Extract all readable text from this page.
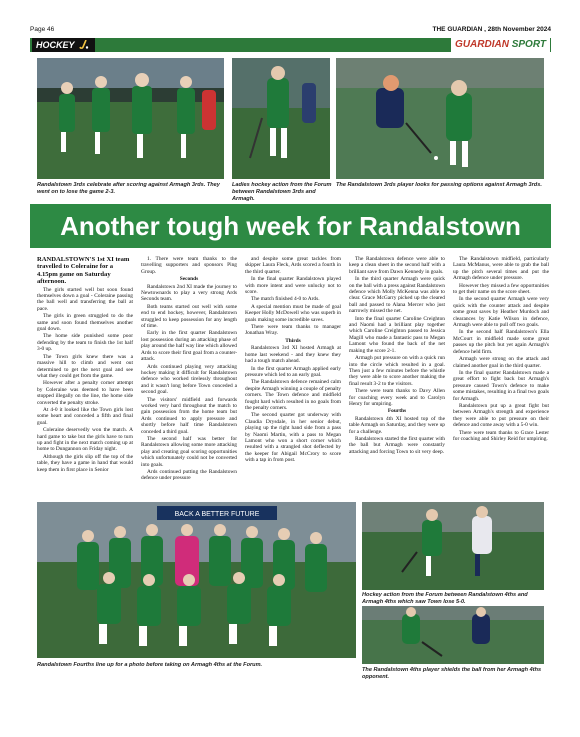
Page 46	THE GUARDIAN , 28th November 2024
HOCKEY	GUARDIAN SPORT
Randalstown 3rds celebrate after scoring against Armagh 3rds. They went on to lose the game 2-3.
Ladies hockey action from the Forum between Randalstown 3rds and Armagh.
The Randalstown 3rds player looks for passing options against Armagh 3rds.
Another tough week for Randalstown

RANDALSTOWN'S 1st XI team travelled to Coleraine for a 4.15pm game on Saturday afternoon.

The girls started well but soon found themselves down a goal - Coleraine passing the ball well and transferring the ball at pace.

The girls in green struggled to do the same and soon found themselves another goal down.

The home side punished some poor defending by the team to finish the 1st half 3-0 up.

The Town girls knew there was a massive hill to climb and went out determined to get the next goal and see what they could get from the game.

However after a penalty corner attempt by Coleraine was deemed to have been stopped illegally on the line, the home side converted the penalty stroke.

At 4-0 it looked like the Town girls lost some heart and conceded a fifth and final goal.

Coleraine deservedly won the match. A hard game to take but the girls have to turn up and fight in the next match coming up at home to Dungannon on Friday night.

Although the girls slip off the top of the table, they have a game in hand that would keep them in first place in Senior

1. There were team thanks to the travelling supporters and sponsors Ping Group.

Seconds

Randalstown 2nd XI made the journey to Newtownards to play a very strong Ards Seconds team.

Both teams started out well with some end to end hockey, however, Randalstown struggled to keep possession for any length of time.

Early in the first quarter Randalstown lost possession during an attacking phase of play around the half way line which allowed Ards to score their first goal from a counter-attack.

Ards continued playing very attacking hockey making it difficult for Randalstown defence who worked tirelessly throughout and it wasn't long before Town conceded a second goal.

The visitors' midfield and forwards worked very hard throughout the match to gain possession from the home team but Ards continued to apply pressure and shortly before half time Randalstown conceded a third goal.

The second half was better for Randalstown allowing some more attacking play and creating goal scoring opportunities which unfortunately could not be converted into goals.

Ards continued putting the Randalstown defence under pressure

and despite some great tackles from skipper Laura Fleck, Ards scored a fourth in the third quarter.

In the final quarter Randalstown played with more intent and were unlucky not to score.

The match finished 4-0 to Ards.

A special mention must be made of goal Keeper Holly McDowell who was superb in goals making some incredible saves.

There were team thanks to manager Jonathan Wray.

Thirds

Randalstown 3rd XI hosted Armagh at home last weekend - and they knew they had a tough match ahead.

In the first quarter Armagh applied early pressure which led to an early goal.

The Randalstown defence remained calm despite Armagh winning a couple of penalty corners. The Town defence and midfield fought hard which resulted in no goals from the penalty corners.

The second quarter got underway with Claudia Drysdale, in her senior debut, playing up the right hand side from a pass by Naomi Martin, with a pass to Megan Lamont who won a short corner which resulted with a strangled shot deflected by the keeper for Abigail McCrory to score with a tap in from post.

The Randalstown defence were able to keep a clean sheet in the second half with a brilliant save from Dawn Kennedy in goals.

In the third quarter Armagh were quick on the ball with a press against Randalstown defence which Molly McKenna was able to clear. Grace McGarry picked up the cleared ball and passed to Alana Mercer who just narrowly missed the net.

Into the final quarter Caroline Creighton and Naomi had a brilliant play together which Caroline Creighton passed to Jessica Magill who made a fantastic pass to Megan Lamont who found the back of the net making the score 2-1.

Armagh put pressure on with a quick run into the circle which resulted in a goal. Then just a few minutes before the whistle they were able to score another making the final result 3-2 to the visitors.

There were team thanks to Davy Allen for coaching every week and to Carolyn Henry for umpiring.

Fourths

Randalstown 4th XI hosted top of the table Armagh on Saturday, and they were up for a challenge.

Randalstown started the first quarter with the ball but Armagh were constantly attacking and forcing Town to sit very deep.

The Randalstown midfield, particularly Laura McManus, were able to grab the ball up the pitch several times and put the Armagh defence under pressure.

However they missed a few opportunities to get their name on the score sheet.

In the second quarter Armagh were very quick with the counter attack and despite some great saves by Heather Murdoch and clearances by Katie Wilson in defence, Armagh were able to pull off two goals.

In the second half Randalstown's Ella McCourt in midfield made some great passes up the pitch but yet again Armagh's defence held firm.

Armagh were strong on the attack and claimed another goal in the third quarter.

In the final quarter Randalstown made a great effort to fight back but Armagh's pressure caused Town's defence to make some mistakes, resulting in a final two goals for Armagh.

Randalstown put up a great fight but between Armagh's strength and experience they were able to put pressure on their defence and come away with a 5-0 win.

There were team thanks to Grace Lester for coaching and Shirley Reid for umpiring.

BACK A BETTER FUTURE
Randalstown Fourths line up for a photo before taking on Armagh 4ths at the Forum.
Hockey action from the Forum between Randalstown 4ths and Armagh 4ths which saw Town lose 5-0.
The Randalstown 4ths player shields the ball from her Armagh 4ths opponent.
